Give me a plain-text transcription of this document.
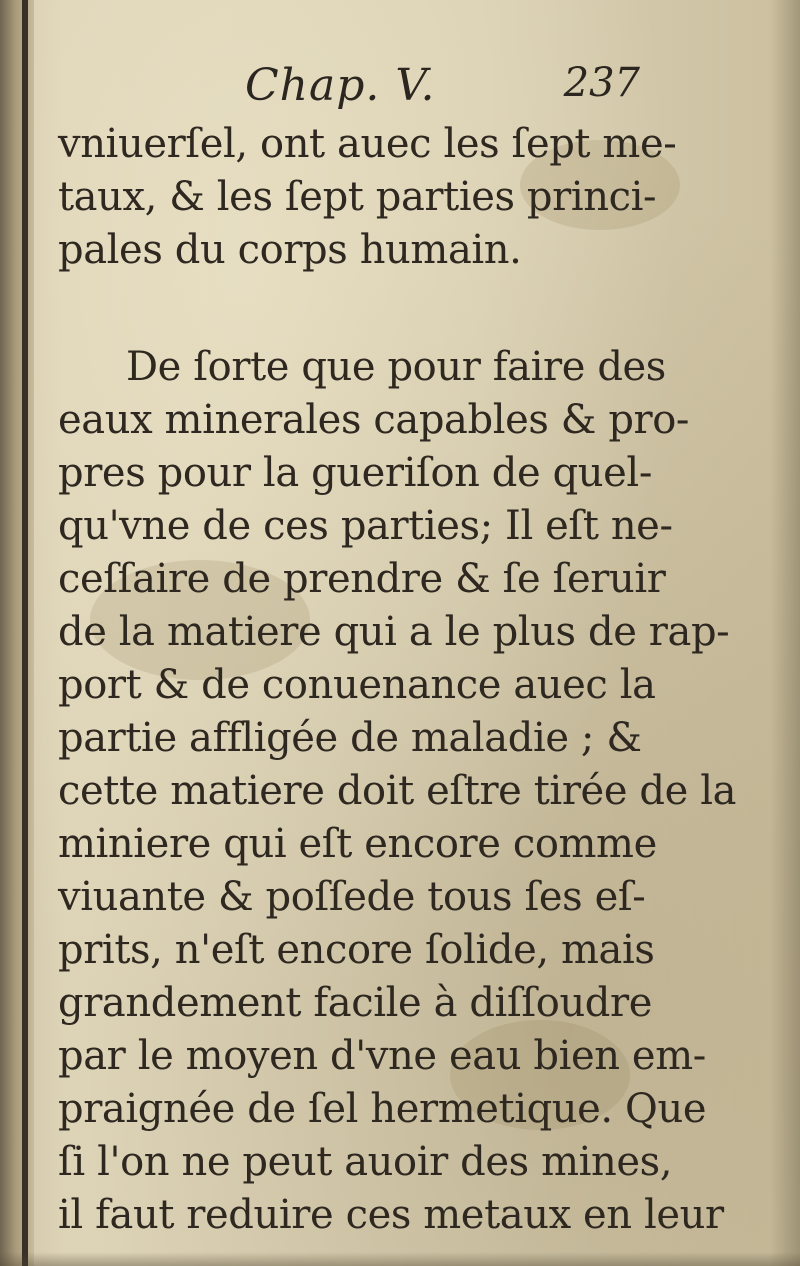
Chap. V.	237
vniuerſel, ont auec les ſept me-
taux, & les ſept parties princi-
pales du corps humain.
De ſorte que pour faire des
eaux minerales capables & pro-
pres pour la gueriſon de quel-
qu'vne de ces parties; Il eſt ne-
ceſſaire de prendre & ſe ſeruir
de la matiere qui a le plus de rap-
port & de conuenance auec la
partie affligée de maladie ; &
cette matiere doit eſtre tirée de la
miniere qui eſt encore comme
viuante & poſſede tous ſes eſ-
prits, n'eſt encore ſolide, mais
grandement facile à diſſoudre
par le moyen d'vne eau bien em-
praignée de ſel hermetique. Que
ſi l'on ne peut auoir des mines,
il faut reduire ces metaux en leur
